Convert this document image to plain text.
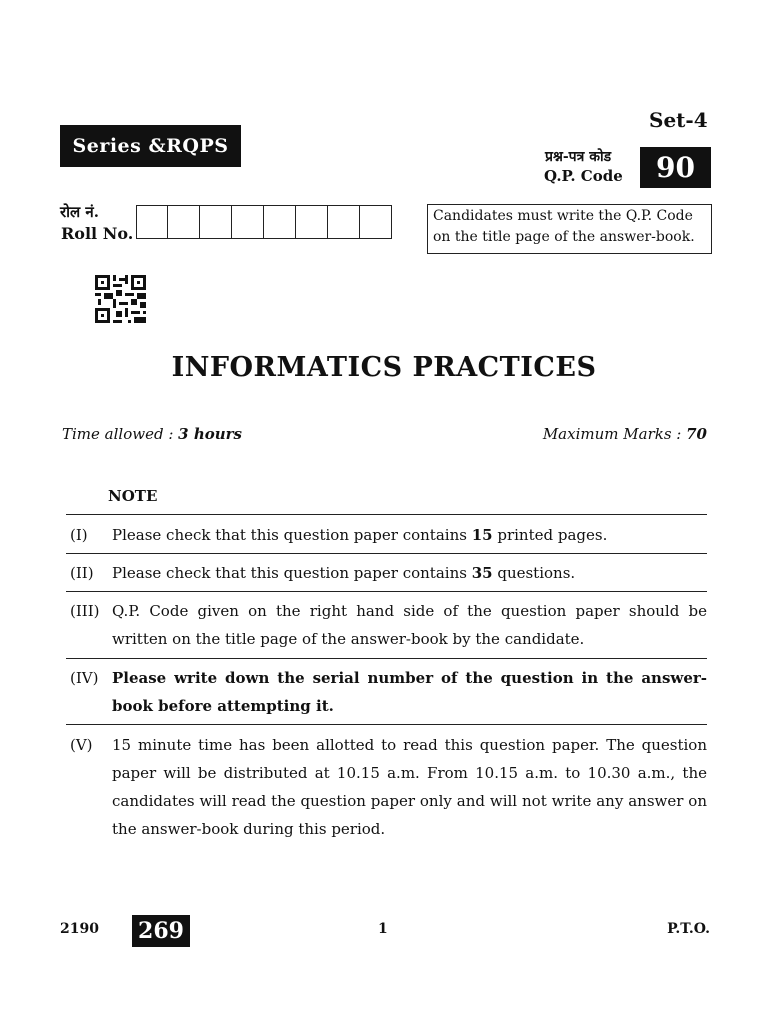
Series &RQPS
Set-4
प्रश्न-पत्र कोड
Q.P. Code	90
रोल नं.
Roll No.
Candidates must write the Q.P. Code on the title page of the answer-book.
INFORMATICS PRACTICES
Time allowed : 3 hours	Maximum Marks : 70
NOTE
(I)	Please check that this question paper contains 15 printed pages.
(II)	Please check that this question paper contains 35 questions.
(III) Q.P. Code given on the right hand side of the question paper should be written on the title page of the answer-book by the candidate.
(IV) Please write down the serial number of the question in the answer-book before attempting it.
(V)	15 minute time has been allotted to read this question paper. The question paper will be distributed at 10.15 a.m. From 10.15 a.m. to 10.30 a.m., the candidates will read the question paper only and will not write any answer on the answer-book during this period.
2190 269	1	P.T.O.
